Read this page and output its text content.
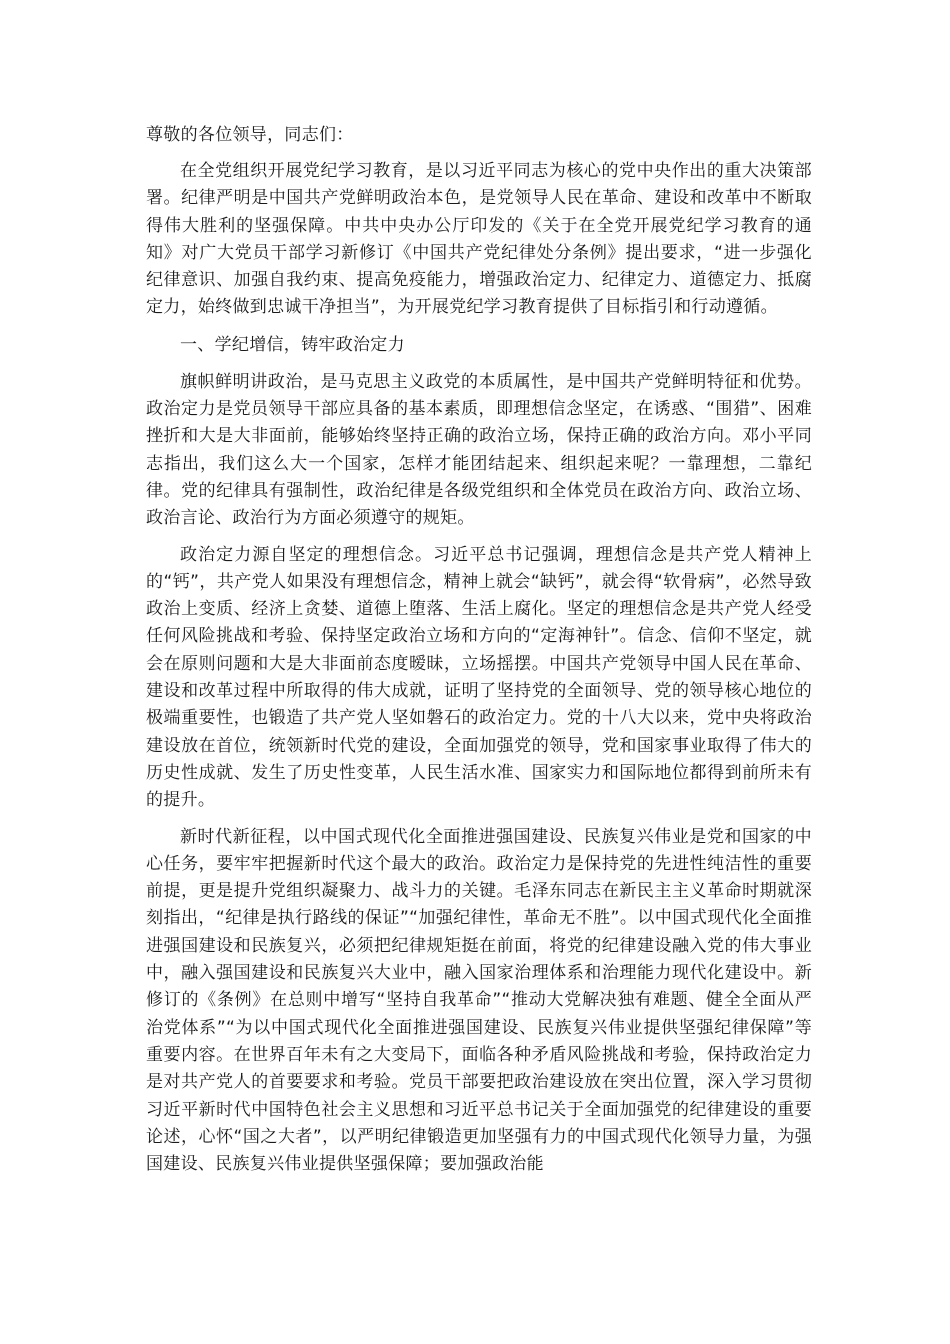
尊敬的各位领导，同志们：

在全党组织开展党纪学习教育，是以习近平同志为核心的党中央作出的重大决策部署。纪律严明是中国共产党鲜明政治本色，是党领导人民在革命、建设和改革中不断取得伟大胜利的坚强保障。中共中央办公厅印发的《关于在全党开展党纪学习教育的通知》对广大党员干部学习新修订《中国共产党纪律处分条例》提出要求，“进一步强化纪律意识、加强自我约束、提高免疫能力，增强政治定力、纪律定力、道德定力、抵腐定力，始终做到忠诚干净担当”，为开展党纪学习教育提供了目标指引和行动遵循。

一、学纪增信，铸牢政治定力

旗帜鲜明讲政治，是马克思主义政党的本质属性，是中国共产党鲜明特征和优势。政治定力是党员领导干部应具备的基本素质，即理想信念坚定，在诱惑、“围猎”、困难挫折和大是大非面前，能够始终坚持正确的政治立场，保持正确的政治方向。邓小平同志指出，我们这么大一个国家，怎样才能团结起来、组织起来呢？一靠理想，二靠纪律。党的纪律具有强制性，政治纪律是各级党组织和全体党员在政治方向、政治立场、政治言论、政治行为方面必须遵守的规矩。

政治定力源自坚定的理想信念。习近平总书记强调，理想信念是共产党人精神上的“钙”，共产党人如果没有理想信念，精神上就会“缺钙”，就会得“软骨病”，必然导致政治上变质、经济上贪婪、道德上堕落、生活上腐化。坚定的理想信念是共产党人经受任何风险挑战和考验、保持坚定政治立场和方向的“定海神针”。信念、信仰不坚定，就会在原则问题和大是大非面前态度暧昧，立场摇摆。中国共产党领导中国人民在革命、建设和改革过程中所取得的伟大成就，证明了坚持党的全面领导、党的领导核心地位的极端重要性，也锻造了共产党人坚如磐石的政治定力。党的十八大以来，党中央将政治建设放在首位，统领新时代党的建设，全面加强党的领导，党和国家事业取得了伟大的历史性成就、发生了历史性变革，人民生活水准、国家实力和国际地位都得到前所未有的提升。

新时代新征程，以中国式现代化全面推进强国建设、民族复兴伟业是党和国家的中心任务，要牢牢把握新时代这个最大的政治。政治定力是保持党的先进性纯洁性的重要前提，更是提升党组织凝聚力、战斗力的关键。毛泽东同志在新民主主义革命时期就深刻指出，“纪律是执行路线的保证”“加强纪律性，革命无不胜”。以中国式现代化全面推进强国建设和民族复兴，必须把纪律规矩挺在前面，将党的纪律建设融入党的伟大事业中，融入强国建设和民族复兴大业中，融入国家治理体系和治理能力现代化建设中。新修订的《条例》在总则中增写“坚持自我革命”“推动大党解决独有难题、健全全面从严治党体系”“为以中国式现代化全面推进强国建设、民族复兴伟业提供坚强纪律保障”等重要内容。在世界百年未有之大变局下，面临各种矛盾风险挑战和考验，保持政治定力是对共产党人的首要要求和考验。党员干部要把政治建设放在突出位置，深入学习贯彻习近平新时代中国特色社会主义思想和习近平总书记关于全面加强党的纪律建设的重要论述，心怀“国之大者”，以严明纪律锻造更加坚强有力的中国式现代化领导力量，为强国建设、民族复兴伟业提供坚强保障；要加强政治能
